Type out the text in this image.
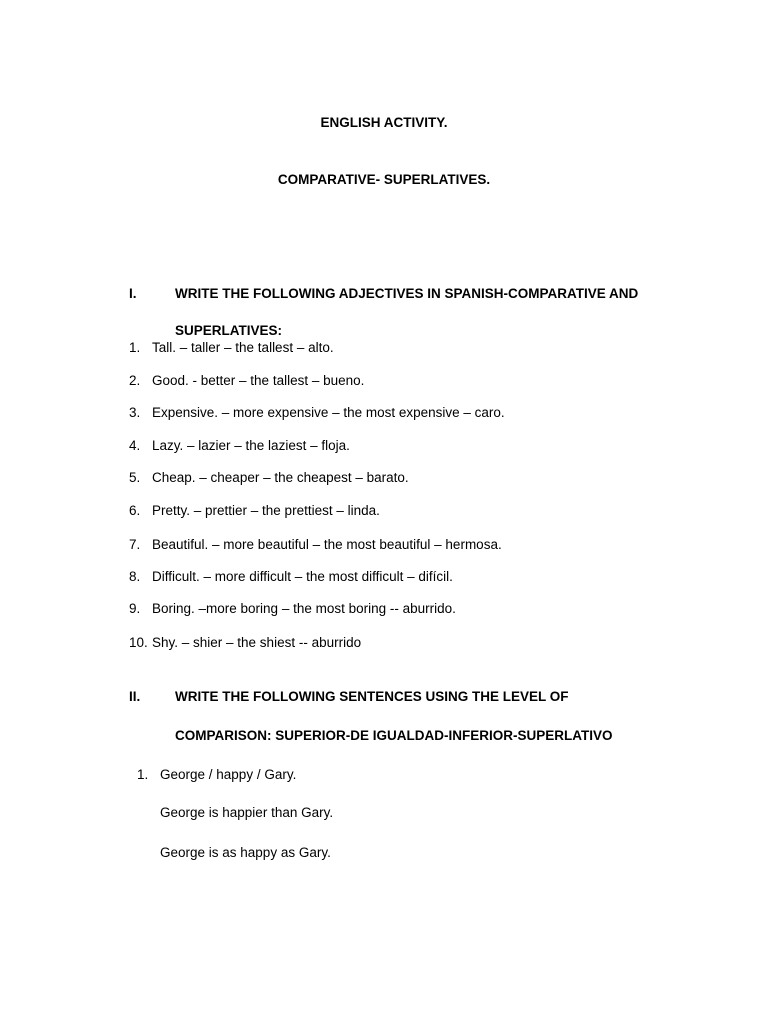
ENGLISH ACTIVITY.
COMPARATIVE- SUPERLATIVES.
I.	WRITE THE FOLLOWING ADJECTIVES IN SPANISH-COMPARATIVE AND
SUPERLATIVES:
1. Tall. – taller – the tallest – alto.
2. Good. - better – the tallest – bueno.
3. Expensive. – more expensive – the most expensive – caro.
4. Lazy. – lazier – the laziest – floja.
5. Cheap. – cheaper – the cheapest – barato.
6. Pretty. – prettier – the prettiest – linda.
7. Beautiful. – more beautiful – the most beautiful – hermosa.
8. Difficult. – more difficult – the most difficult – difícil.
9. Boring. –more boring – the most boring -- aburrido.
10. Shy. – shier – the shiest -- aburrido
II.	WRITE THE FOLLOWING SENTENCES USING THE LEVEL OF
COMPARISON: SUPERIOR-DE IGUALDAD-INFERIOR-SUPERLATIVO
1. George / happy / Gary.
George is happier than Gary.
George is as happy as Gary.
